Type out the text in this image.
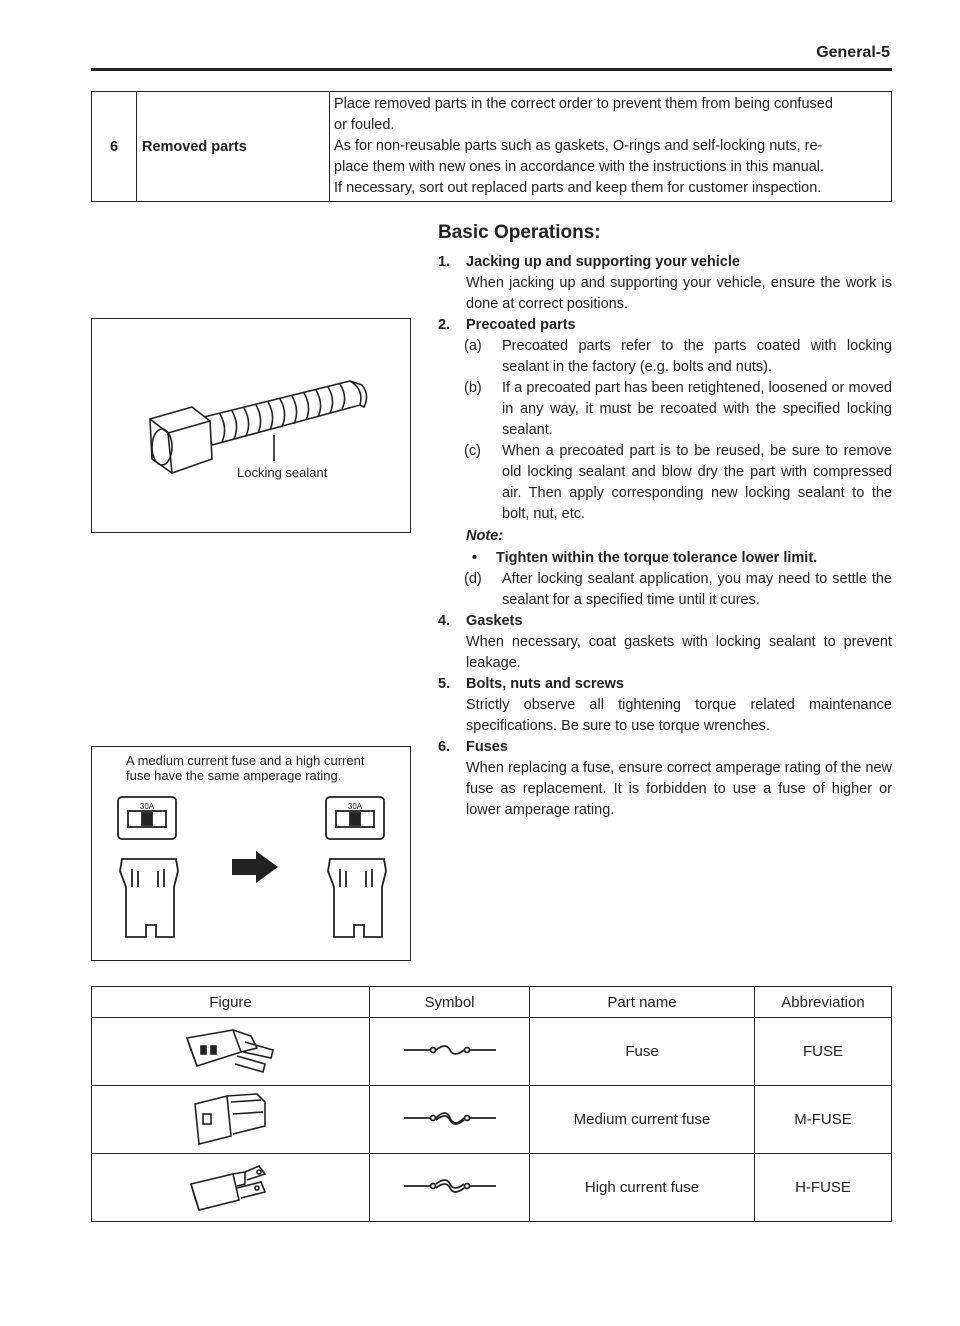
General-5
6	Removed parts	
Place removed parts in the correct order to prevent them from being confused
or fouled.
As for non-reusable parts such as gaskets, O-rings and self-locking nuts, re-
place them with new ones in accordance with the instructions in this manual.
If necessary, sort out replaced parts and keep them for customer inspection.
Basic Operations:
1. Jacking up and supporting your vehicle
When jacking up and supporting your vehicle, ensure the work is done at correct positions.
2. Precoated parts
(a) Precoated parts refer to the parts coated with locking sealant in the factory (e.g. bolts and nuts).
(b) If a precoated part has been retightened, loosened or moved in any way, it must be recoated with the specified locking sealant.
(c) When a precoated part is to be reused, be sure to remove old locking sealant and blow dry the part with compressed air. Then apply corresponding new locking sealant to the bolt, nut, etc.
Note:
• Tighten within the torque tolerance lower limit.
(d) After locking sealant application, you may need to settle the sealant for a specified time until it cures.
4. Gaskets
When necessary, coat gaskets with locking sealant to prevent leakage.
5. Bolts, nuts and screws
Strictly observe all tightening torque related maintenance specifications. Be sure to use torque wrenches.
6. Fuses
When replacing a fuse, ensure correct amperage rating of the new fuse as replacement. It is forbidden to use a fuse of higher or lower amperage rating.
Locking sealant
A medium current fuse and a high current
fuse have the same amperage rating.
30A	30A
Figure	Symbol	Part name	Abbreviation
		Fuse	FUSE
		Medium current fuse	M-FUSE
		High current fuse	H-FUSE
